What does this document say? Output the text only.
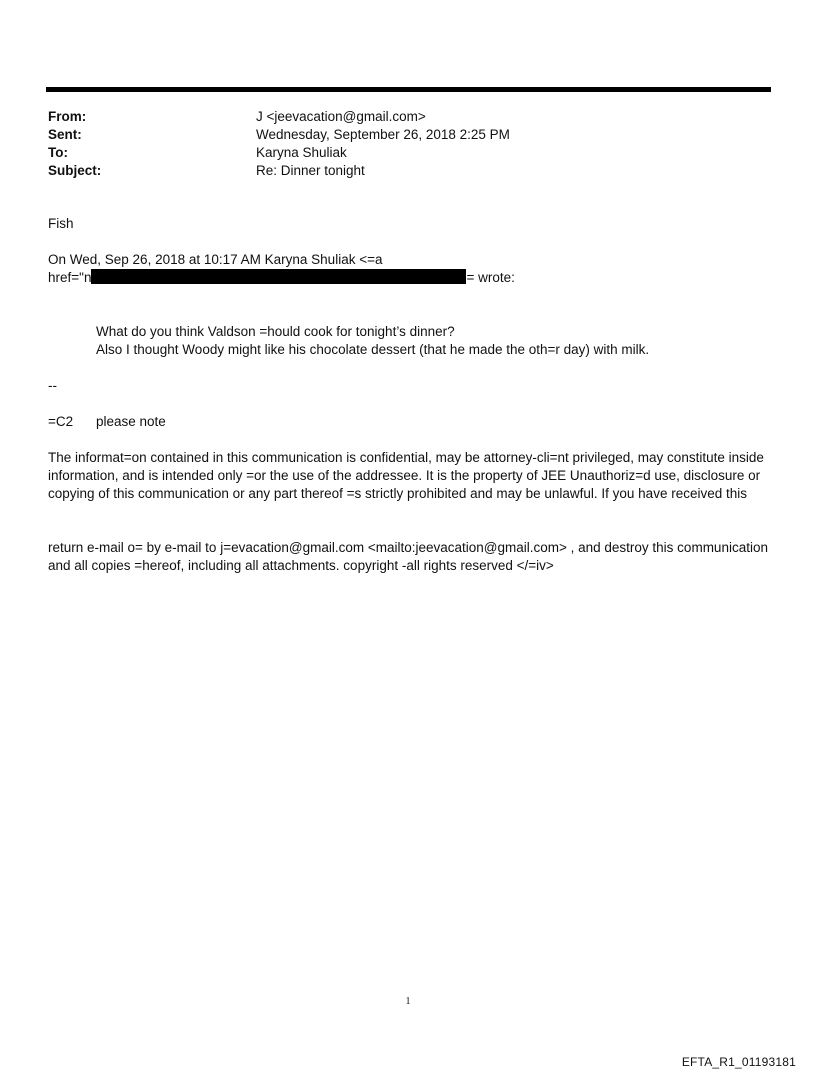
From:	J <jeevacation@gmail.com>
Sent:	Wednesday, September 26, 2018 2:25 PM
To:	Karyna Shuliak
Subject:	Re: Dinner tonight
Fish
On Wed, Sep 26, 2018 at 10:17 AM Karyna Shuliak <=a
href="n	= wrote:
What do you think Valdson =hould cook for tonight’s dinner?
Also I thought Woody might like his chocolate dessert (that he made the oth=r day) with milk.
--
=C2 please note
The informat=on contained in this communication is confidential, may be attorney-cli=nt privileged, may constitute inside information, and is intended only =or the use of the addressee. It is the property of JEE Unauthoriz=d use, disclosure or copying of this communication or any part thereof =s strictly prohibited and may be unlawful. If you have received this
return e-mail o= by e-mail to j=evacation@gmail.com <mailto:jeevacation@gmail.com> , and destroy this communication and all copies =hereof, including all attachments. copyright -all rights reserved </=iv>
1
EFTA_R1_01193181
